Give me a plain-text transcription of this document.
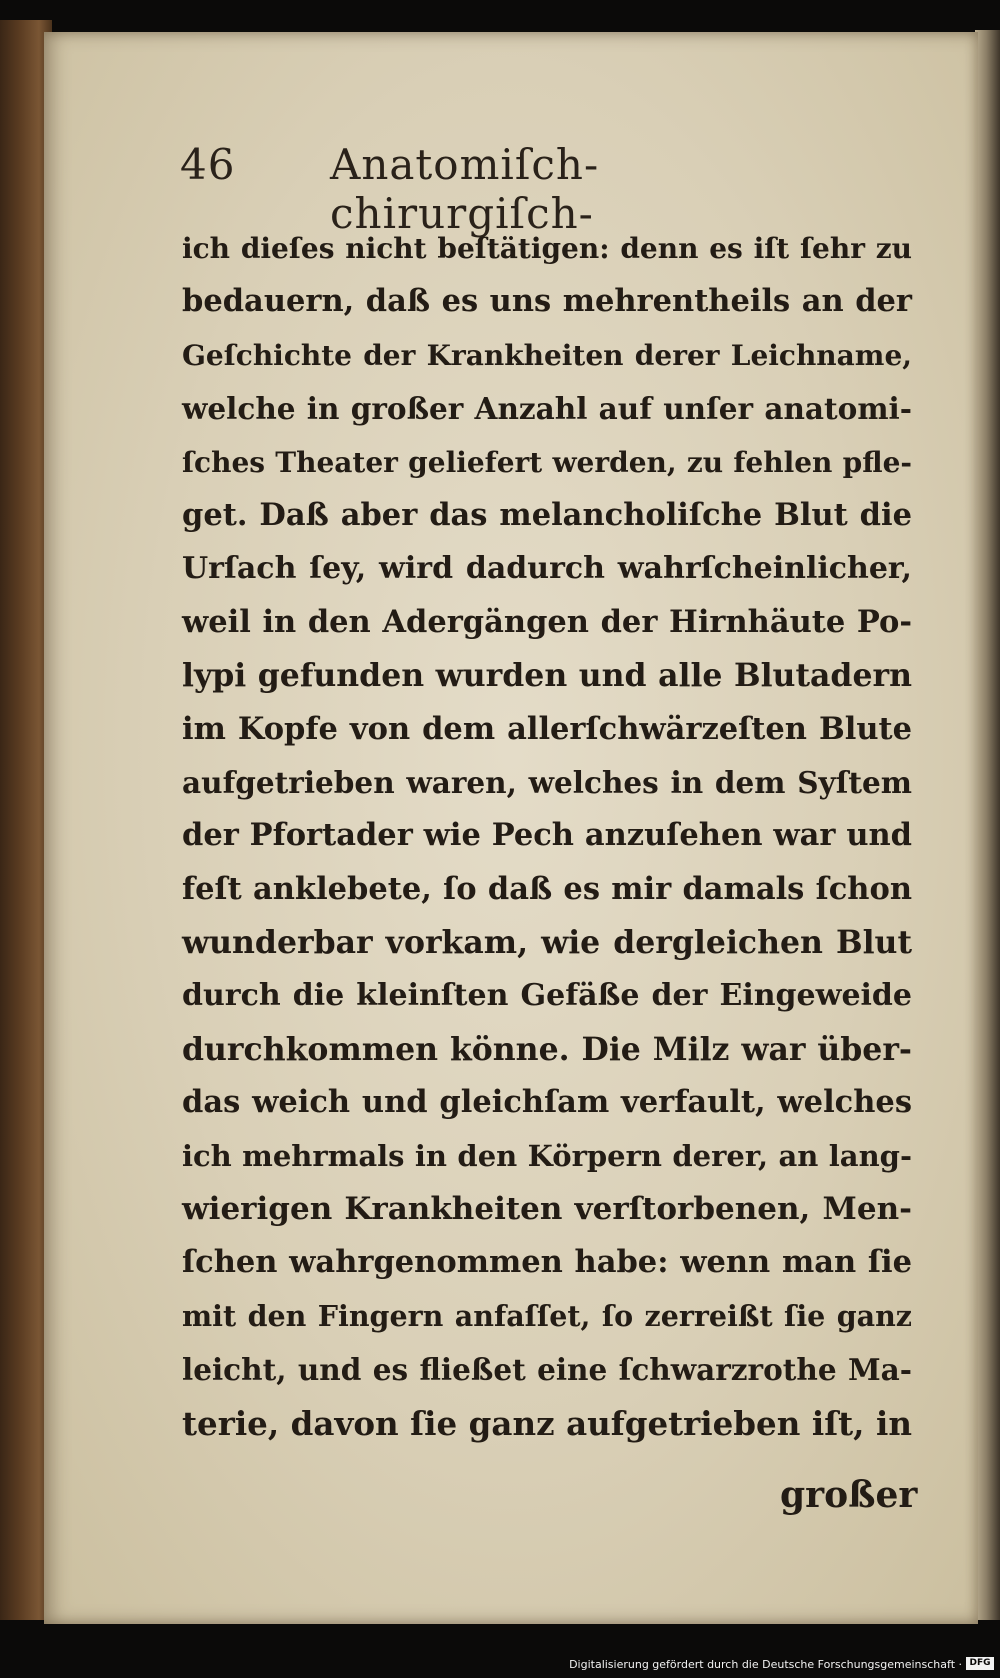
46 Anatomiſch‐chirurgiſch‐
ich dieſes nicht beſtätigen: denn es iſt ſehr zu
bedauern, daß es uns mehrentheils an der
Geſchichte der Krankheiten derer Leichname,
welche in großer Anzahl auf unſer anatomi‐
ſches Theater geliefert werden, zu fehlen pfle‐
get. Daß aber das melancholiſche Blut die
Urſach ſey, wird dadurch wahrſcheinlicher,
weil in den Adergängen der Hirnhäute Po‐
lypi gefunden wurden und alle Blutadern
im Kopfe von dem allerſchwärzeſten Blute
aufgetrieben waren, welches in dem Syſtem
der Pfortader wie Pech anzuſehen war und
feſt anklebete, ſo daß es mir damals ſchon
wunderbar vorkam, wie dergleichen Blut
durch die kleinſten Gefäße der Eingeweide
durchkommen könne. Die Milz war über‐
das weich und gleichſam verfault, welches
ich mehrmals in den Körpern derer, an lang‐
wierigen Krankheiten verſtorbenen, Men‐
ſchen wahrgenommen habe: wenn man ſie
mit den Fingern anfaſſet, ſo zerreißt ſie ganz
leicht, und es fließet eine ſchwarzrothe Ma‐
terie, davon ſie ganz aufgetrieben iſt, in
großer
Digitalisierung gefördert durch die Deutsche Forschungsgemeinschaft · DFG
